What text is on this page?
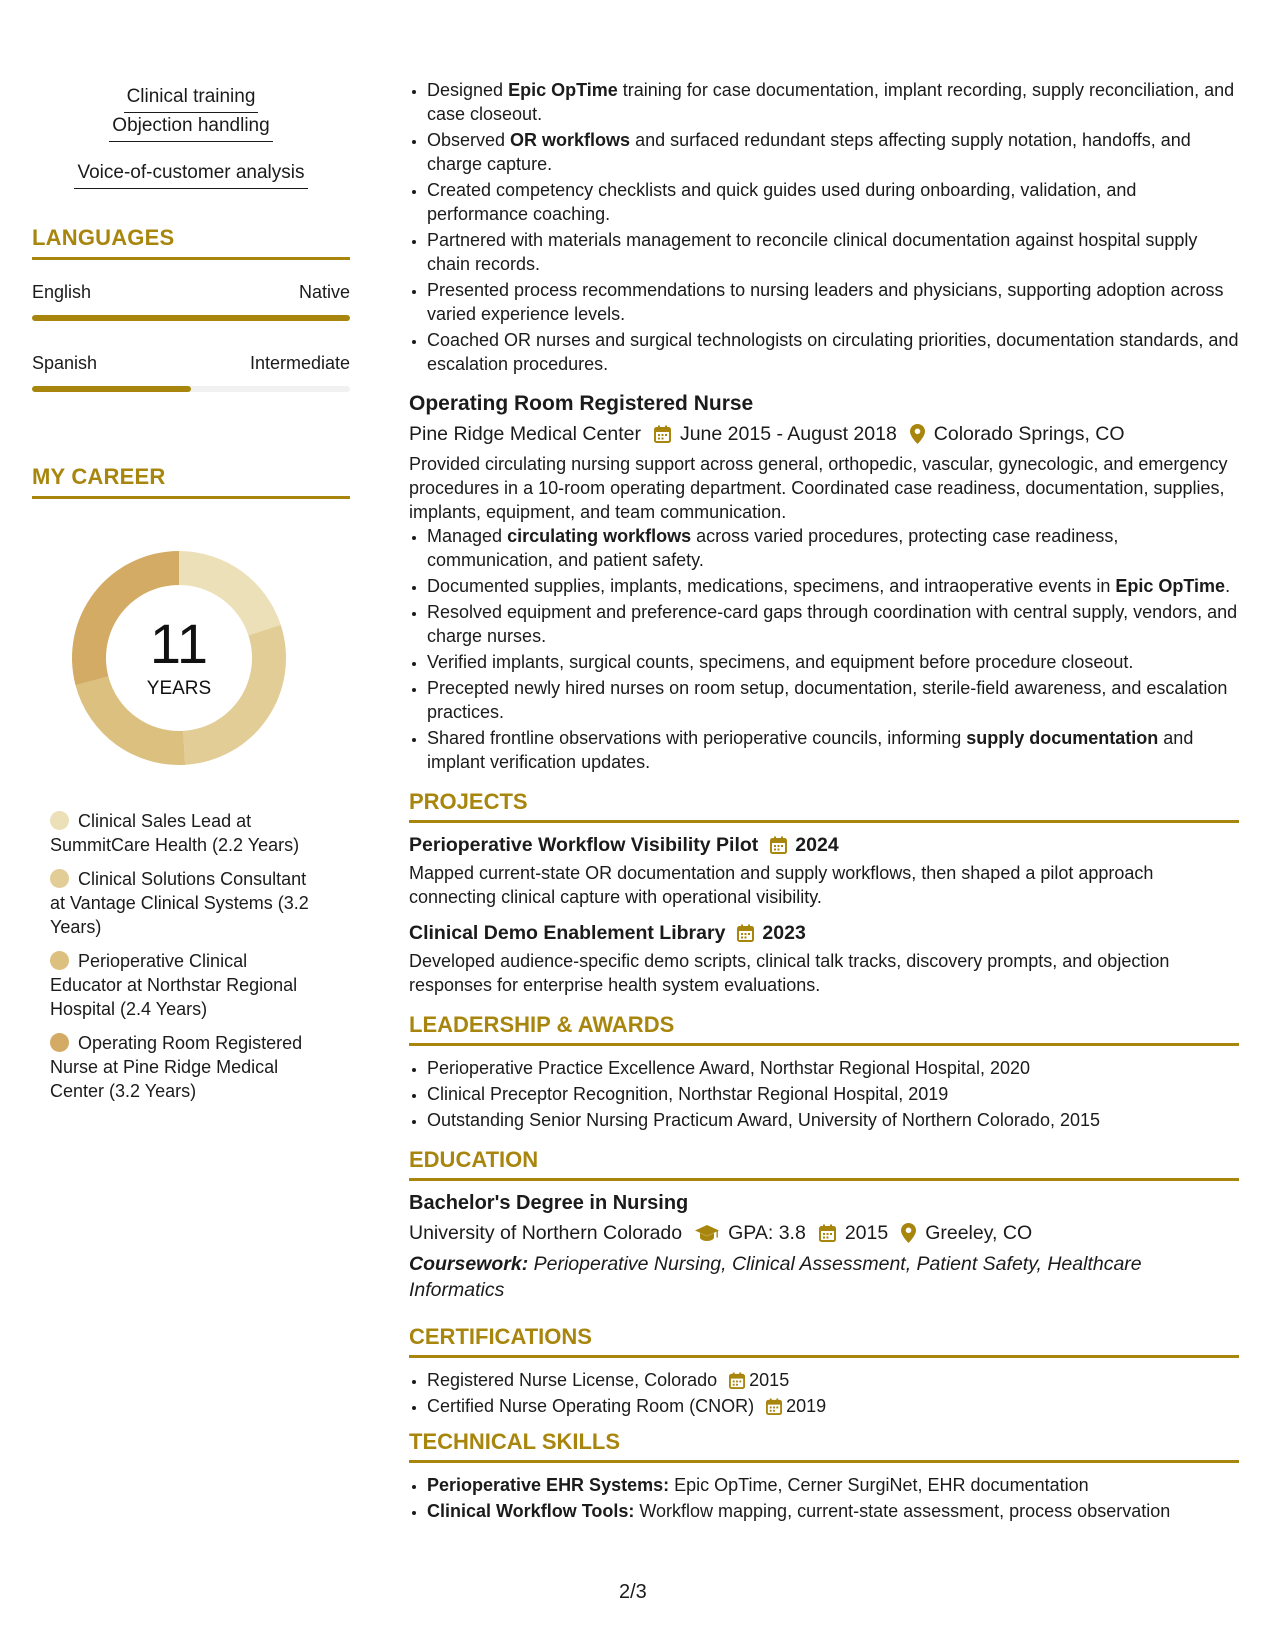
Clinical training Objection handling
Voice-of-customer analysis
LANGUAGES
English	Native
Spanish	Intermediate
MY CAREER
11
YEARS
Clinical Sales Lead at SummitCare Health (2.2 Years)
Clinical Solutions Consultant at Vantage Clinical Systems (3.2 Years)
Perioperative Clinical Educator at Northstar Regional Hospital (2.4 Years)
Operating Room Registered Nurse at Pine Ridge Medical Center (3.2 Years)
• Designed Epic OpTime training for case documentation, implant recording, supply reconciliation, and case closeout.
• Observed OR workflows and surfaced redundant steps affecting supply notation, handoffs, and charge capture.
• Created competency checklists and quick guides used during onboarding, validation, and performance coaching.
• Partnered with materials management to reconcile clinical documentation against hospital supply chain records.
• Presented process recommendations to nursing leaders and physicians, supporting adoption across varied experience levels.
• Coached OR nurses and surgical technologists on circulating priorities, documentation standards, and escalation procedures.
Operating Room Registered Nurse
Pine Ridge Medical Center June 2015 - August 2018 Colorado Springs, CO
Provided circulating nursing support across general, orthopedic, vascular, gynecologic, and emergency procedures in a 10-room operating department. Coordinated case readiness, documentation, supplies, implants, equipment, and team communication.
• Managed circulating workflows across varied procedures, protecting case readiness, communication, and patient safety.
• Documented supplies, implants, medications, specimens, and intraoperative events in Epic OpTime.
• Resolved equipment and preference-card gaps through coordination with central supply, vendors, and charge nurses.
• Verified implants, surgical counts, specimens, and equipment before procedure closeout.
• Precepted newly hired nurses on room setup, documentation, sterile-field awareness, and escalation practices.
• Shared frontline observations with perioperative councils, informing supply documentation and implant verification updates.
PROJECTS
Perioperative Workflow Visibility Pilot 2024
Mapped current-state OR documentation and supply workflows, then shaped a pilot approach connecting clinical capture with operational visibility.
Clinical Demo Enablement Library 2023
Developed audience-specific demo scripts, clinical talk tracks, discovery prompts, and objection responses for enterprise health system evaluations.
LEADERSHIP & AWARDS
• Perioperative Practice Excellence Award, Northstar Regional Hospital, 2020
• Clinical Preceptor Recognition, Northstar Regional Hospital, 2019
• Outstanding Senior Nursing Practicum Award, University of Northern Colorado, 2015
EDUCATION
Bachelor's Degree in Nursing
University of Northern Colorado GPA: 3.8 2015 Greeley, CO
Coursework: Perioperative Nursing, Clinical Assessment, Patient Safety, Healthcare Informatics
CERTIFICATIONS
• Registered Nurse License, Colorado 2015
• Certified Nurse Operating Room (CNOR) 2019
TECHNICAL SKILLS
• Perioperative EHR Systems: Epic OpTime, Cerner SurgiNet, EHR documentation
• Clinical Workflow Tools: Workflow mapping, current-state assessment, process observation
2/3
